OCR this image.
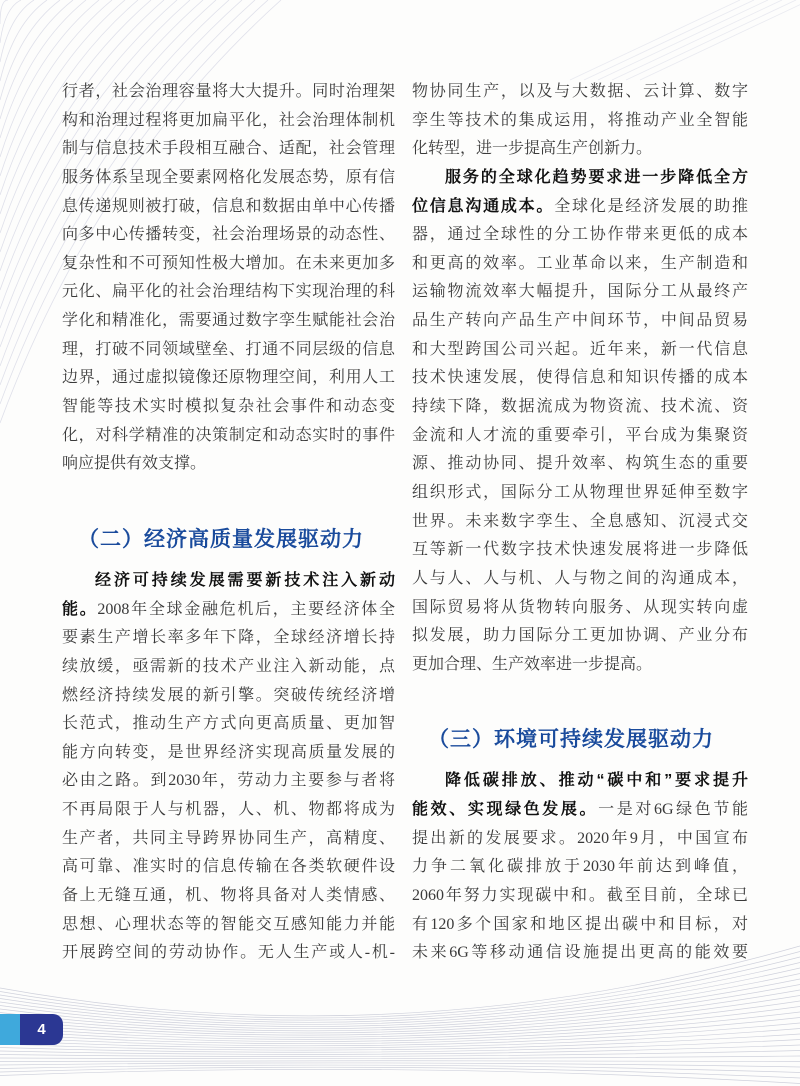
行者，社会治理容量将大大提升。同时治理架
构和治理过程将更加扁平化，社会治理体制机
制与信息技术手段相互融合、适配，社会管理
服务体系呈现全要素网格化发展态势，原有信
息传递规则被打破，信息和数据由单中心传播
向多中心传播转变，社会治理场景的动态性、
复杂性和不可预知性极大增加。在未来更加多
元化、扁平化的社会治理结构下实现治理的科
学化和精准化，需要通过数字孪生赋能社会治
理，打破不同领域壁垒、打通不同层级的信息
边界，通过虚拟镜像还原物理空间，利用人工
智能等技术实时模拟复杂社会事件和动态变
化，对科学精准的决策制定和动态实时的事件
响应提供有效支撑。
（二）经济高质量发展驱动力
经济可持续发展需要新技术注入新动
能。2008年全球金融危机后，主要经济体全
要素生产增长率多年下降，全球经济增长持
续放缓，亟需新的技术产业注入新动能，点
燃经济持续发展的新引擎。突破传统经济增
长范式，推动生产方式向更高质量、更加智
能方向转变，是世界经济实现高质量发展的
必由之路。到2030年，劳动力主要参与者将
不再局限于人与机器，人、机、物都将成为
生产者，共同主导跨界协同生产，高精度、
高可靠、准实时的信息传输在各类软硬件设
备上无缝互通，机、物将具备对人类情感、
思想、心理状态等的智能交互感知能力并能
开展跨空间的劳动协作。无人生产或人-机-
物协同生产，以及与大数据、云计算、数字
孪生等技术的集成运用，将推动产业全智能
化转型，进一步提高生产创新力。
服务的全球化趋势要求进一步降低全方
位信息沟通成本。全球化是经济发展的助推
器，通过全球性的分工协作带来更低的成本
和更高的效率。工业革命以来，生产制造和
运输物流效率大幅提升，国际分工从最终产
品生产转向产品生产中间环节，中间品贸易
和大型跨国公司兴起。近年来，新一代信息
技术快速发展，使得信息和知识传播的成本
持续下降，数据流成为物资流、技术流、资
金流和人才流的重要牵引，平台成为集聚资
源、推动协同、提升效率、构筑生态的重要
组织形式，国际分工从物理世界延伸至数字
世界。未来数字孪生、全息感知、沉浸式交
互等新一代数字技术快速发展将进一步降低
人与人、人与机、人与物之间的沟通成本，
国际贸易将从货物转向服务、从现实转向虚
拟发展，助力国际分工更加协调、产业分布
更加合理、生产效率进一步提高。
（三）环境可持续发展驱动力
降低碳排放、推动“碳中和”要求提升
能效、实现绿色发展。一是对6G绿色节能
提出新的发展要求。2020年9月，中国宣布
力争二氧化碳排放于2030年前达到峰值，
2060年努力实现碳中和。截至目前，全球已
有120多个国家和地区提出碳中和目标，对
未来6G等移动通信设施提出更高的能效要
4
